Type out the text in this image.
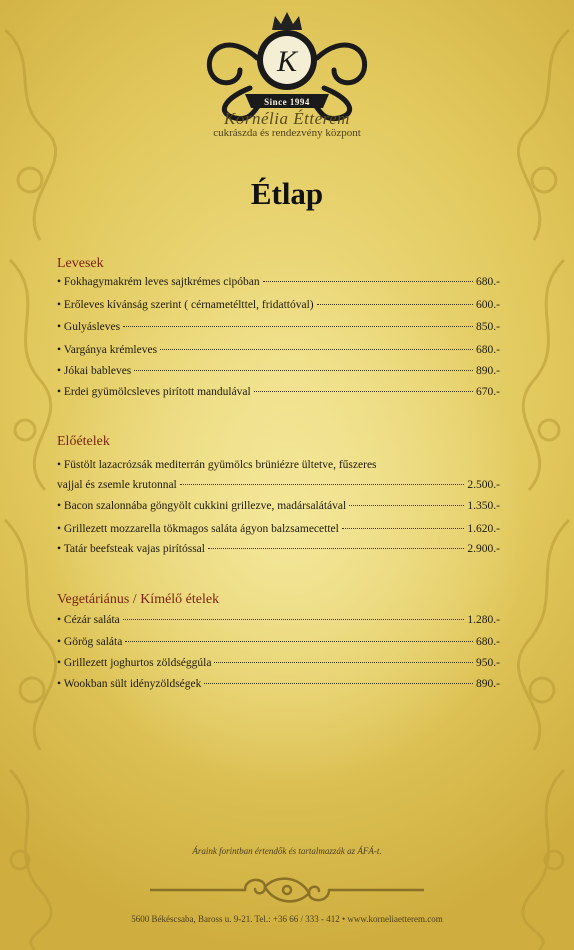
K
Since 1994
Kornélia Étterem
cukrászda és rendezvény központ
Étlap
Levesek
• Fokhagymakrém leves sajtkrémes cipóban	680.-
• Erőleves kívánság szerint ( cérnametélttel, fridattóval)	600.-
• Gulyásleves	850.-
• Vargánya krémleves	680.-
• Jókai bableves	890.-
• Erdei gyümölcsleves pirított mandulával	670.-
Előételek
• Füstölt lazacrózsák mediterrán gyümölcs brüniézre ültetve, fűszeres
vajjal és zsemle krutonnal	2.500.-
• Bacon szalonnába göngyölt cukkini grillezve, madársalátával	1.350.-
• Grillezett mozzarella tökmagos saláta ágyon balzsamecettel	1.620.-
• Tatár beefsteak vajas pirítóssal	2.900.-
Vegetáriánus / Kímélő ételek
• Cézár saláta	1.280.-
• Görög saláta	680.-
• Grillezett joghurtos zöldséggúla	950.-
• Wookban sült idényzöldségek	890.-
Áraink forintban értendők és tartalmazzák az ÁFÁ-t.
5600 Békéscsaba, Baross u. 9-21. Tel.: +36 66 / 333 - 412 • www.korneliaetterem.com
